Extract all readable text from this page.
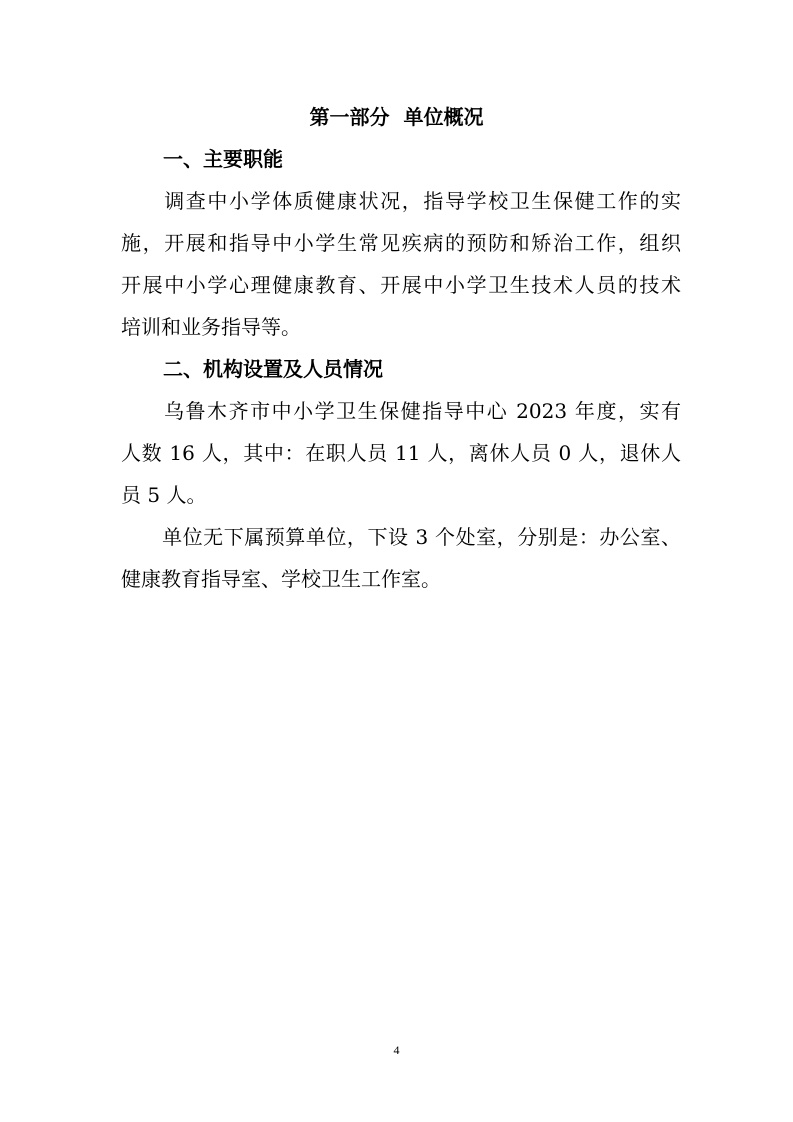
第一部分  单位概况
一、主要职能

　　调查中小学体质健康状况，指导学校卫生保健工作的实

施，开展和指导中小学生常见疾病的预防和矫治工作，组织

开展中小学心理健康教育、开展中小学卫生技术人员的技术

培训和业务指导等。

二、机构设置及人员情况

　　乌鲁木齐市中小学卫生保健指导中心 2023 年度，实有

人数 16 人，其中：在职人员 11 人，离休人员 0 人，退休人

员 5 人。

　　单位无下属预算单位，下设 3 个处室，分别是：办公室、

健康教育指导室、学校卫生工作室。

4
